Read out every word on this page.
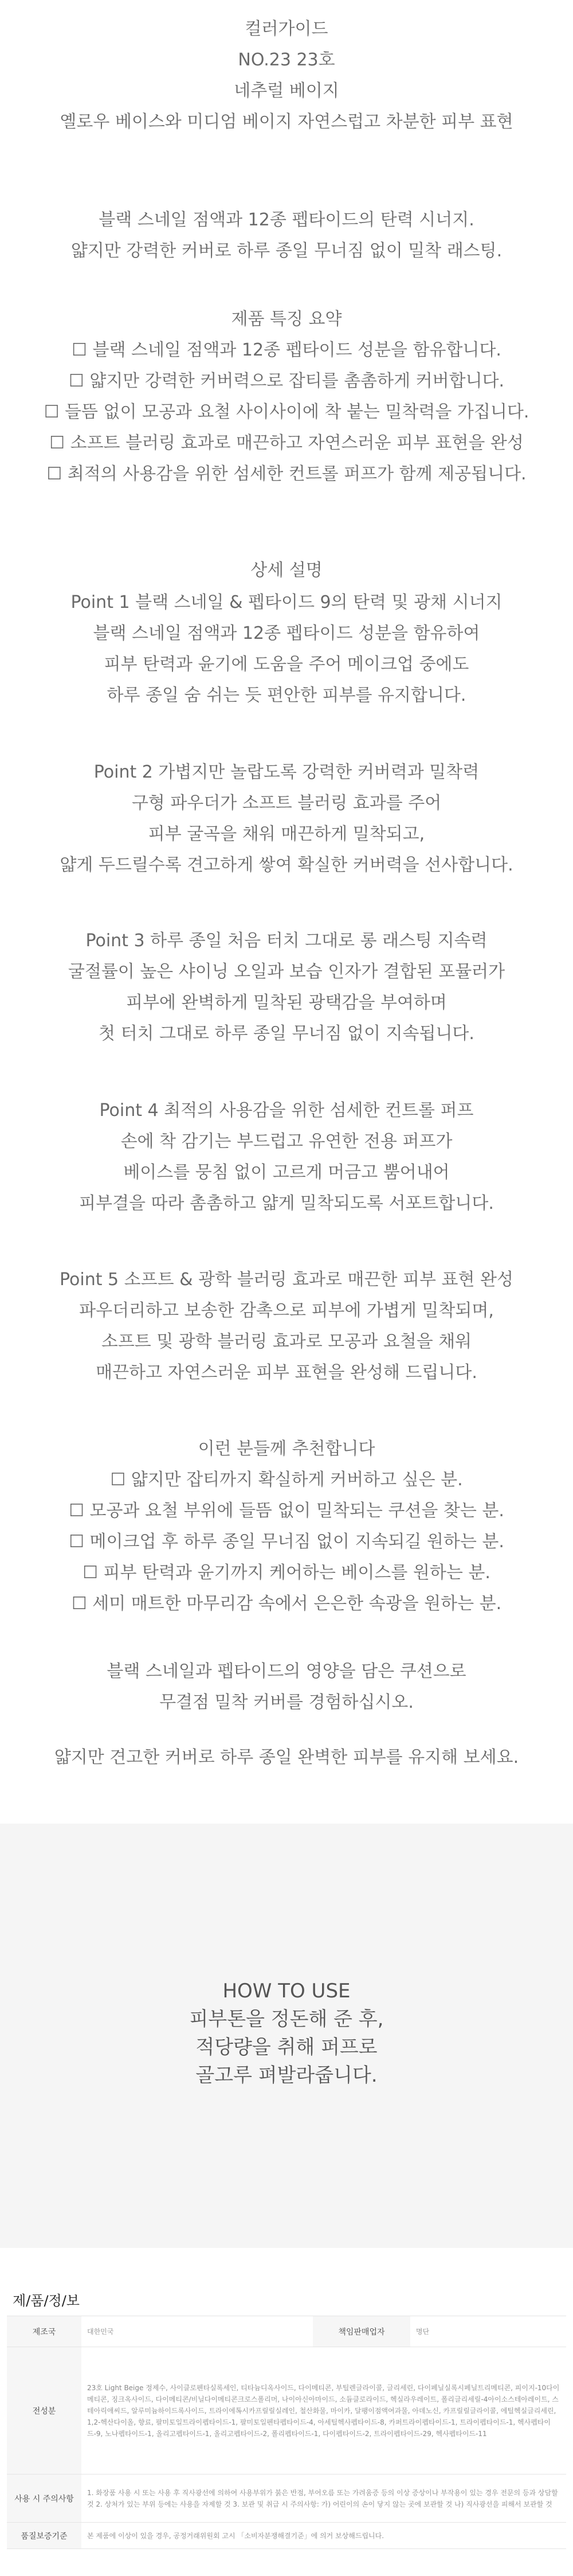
컬러가이드
NO.23 23호
네추럴 베이지
옐로우 베이스와 미디엄 베이지 자연스럽고 차분한 피부 표현
블랙 스네일 점액과 12종 펩타이드의 탄력 시너지.
얇지만 강력한 커버로 하루 종일 무너짐 없이 밀착 래스팅.
제품 특징 요약
☐ 블랙 스네일 점액과 12종 펩타이드 성분을 함유합니다.
☐ 얇지만 강력한 커버력으로 잡티를 촘촘하게 커버합니다.
☐ 들뜸 없이 모공과 요철 사이사이에 착 붙는 밀착력을 가집니다.
☐ 소프트 블러링 효과로 매끈하고 자연스러운 피부 표현을 완성
☐ 최적의 사용감을 위한 섬세한 컨트롤 퍼프가 함께 제공됩니다.
상세 설명
Point 1 블랙 스네일 & 펩타이드 9의 탄력 및 광채 시너지
블랙 스네일 점액과 12종 펩타이드 성분을 함유하여
피부 탄력과 윤기에 도움을 주어 메이크업 중에도
하루 종일 숨 쉬는 듯 편안한 피부를 유지합니다.
Point 2 가볍지만 놀랍도록 강력한 커버력과 밀착력
구형 파우더가 소프트 블러링 효과를 주어
피부 굴곡을 채워 매끈하게 밀착되고,
얇게 두드릴수록 견고하게 쌓여 확실한 커버력을 선사합니다.
Point 3 하루 종일 처음 터치 그대로 롱 래스팅 지속력
굴절률이 높은 샤이닝 오일과 보습 인자가 결합된 포뮬러가
피부에 완벽하게 밀착된 광택감을 부여하며
첫 터치 그대로 하루 종일 무너짐 없이 지속됩니다.
Point 4 최적의 사용감을 위한 섬세한 컨트롤 퍼프
손에 착 감기는 부드럽고 유연한 전용 퍼프가
베이스를 뭉침 없이 고르게 머금고 뿜어내어
피부결을 따라 촘촘하고 얇게 밀착되도록 서포트합니다.
Point 5 소프트 & 광학 블러링 효과로 매끈한 피부 표현 완성
파우더리하고 보송한 감촉으로 피부에 가볍게 밀착되며,
소프트 및 광학 블러링 효과로 모공과 요철을 채워
매끈하고 자연스러운 피부 표현을 완성해 드립니다.
이런 분들께 추천합니다
☐ 얇지만 잡티까지 확실하게 커버하고 싶은 분.
☐ 모공과 요철 부위에 들뜸 없이 밀착되는 쿠션을 찾는 분.
☐ 메이크업 후 하루 종일 무너짐 없이 지속되길 원하는 분.
☐ 피부 탄력과 윤기까지 케어하는 베이스를 원하는 분.
☐ 세미 매트한 마무리감 속에서 은은한 속광을 원하는 분.
블랙 스네일과 펩타이드의 영양을 담은 쿠션으로
무결점 밀착 커버를 경험하십시오.
얇지만 견고한 커버로 하루 종일 완벽한 피부를 유지해 보세요.
HOW TO USE
피부톤을 정돈해 준 후,
적당량을 취해 퍼프로
골고루 펴발라줍니다.
제/품/정/보
제조국	대한민국	책임판매업자	명단
전성분	23호 Light Beige 정제수, 사이클로펜타실록세인, 티타늄디옥사이드, 다이메티콘, 부틸렌글라이콜, 글리세린, 다이페닐실록시페닐트리메티콘, 피이지-10다이메티콘, 징크옥사이드, 다이메티콘/비닐다이메티콘크로스폴리머, 나이아신아마이드, 소듐클로라이드, 헥실라우레이트, 폴리글리세릴-4아이소스테아레이트, 스테아릭애씨드, 알루미늄하이드록사이드, 트라이에톡시카프릴릴실레인, 철산화물, 마이카, 달팽이점액여과물, 아데노신, 카프릴릴글라이콜, 에틸헥실글리세린, 1,2-헥산다이올, 향료, 팔미토일트라이펩타이드-1, 팔미토일펜타펩타이드-4, 아세틸헥사펩타이드-8, 카퍼트라이펩타이드-1, 트라이펩타이드-1, 헥사펩타이드-9, 노나펩타이드-1, 올리고펩타이드-1, 올리고펩타이드-2, 폴리펩타이드-1, 다이펩타이드-2, 트라이펩타이드-29, 헥사펩타이드-11		
사용 시 주의사항	1. 화장품 사용 시 또는 사용 후 직사광선에 의하여 사용부위가 붉은 반점, 부어오름 또는 가려움증 등의 이상 증상이나 부작용이 있는 경우 전문의 등과 상담할 것 2. 상처가 있는 부위 등에는 사용을 자제할 것 3. 보관 및 취급 시 주의사항: 가) 어린이의 손이 닿지 않는 곳에 보관할 것 나) 직사광선을 피해서 보관할 것		
품질보증기준	본 제품에 이상이 있을 경우, 공정거래위원회 고시 「소비자분쟁해결기준」에 의거 보상해드립니다.		
